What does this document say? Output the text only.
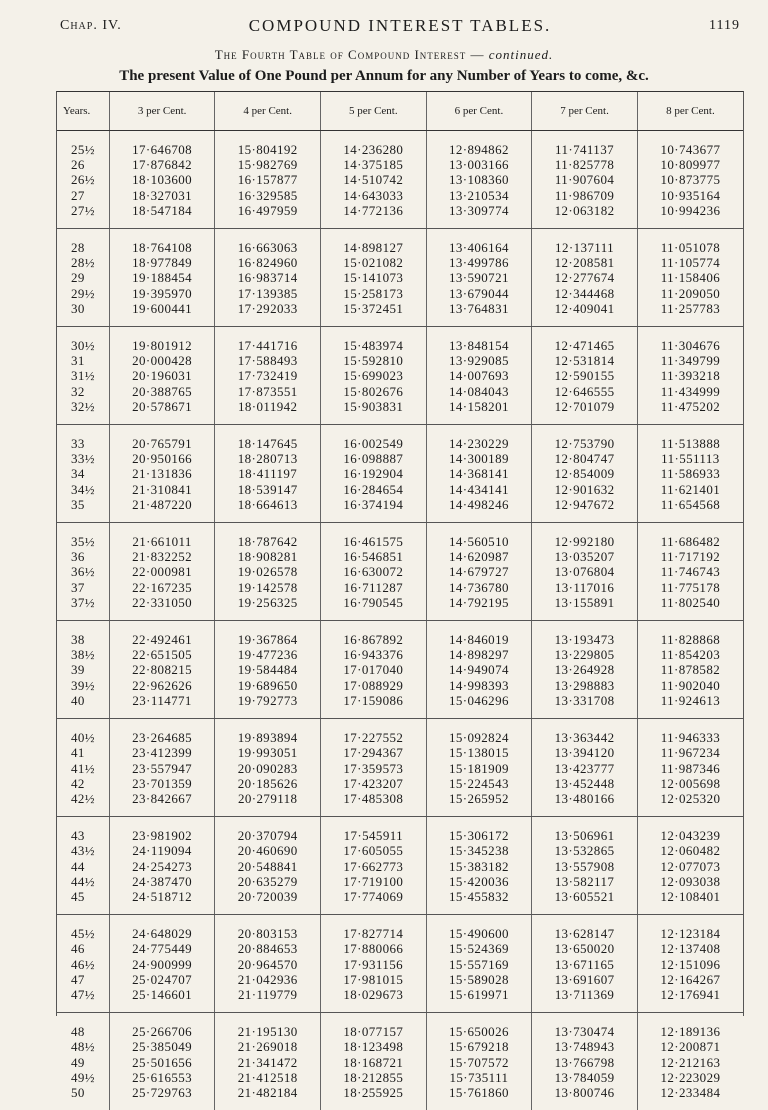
Chap. IV.	COMPOUND INTEREST TABLES.	1119
The Fourth Table of Compound Interest — continued.
The present Value of One Pound per Annum for any Number of Years to come, &c.
Years.	3 per Cent.	4 per Cent.	5 per Cent.	6 per Cent.	7 per Cent.	8 per Cent.
25½	17·646708	15·804192	14·236280	12·894862	11·741137	10·743677
26	17·876842	15·982769	14·375185	13·003166	11·825778	10·809977
26½	18·103600	16·157877	14·510742	13·108360	11·907604	10·873775
27	18·327031	16·329585	14·643033	13·210534	11·986709	10·935164
27½	18·547184	16·497959	14·772136	13·309774	12·063182	10·994236
28	18·764108	16·663063	14·898127	13·406164	12·137111	11·051078
28½	18·977849	16·824960	15·021082	13·499786	12·208581	11·105774
29	19·188454	16·983714	15·141073	13·590721	12·277674	11·158406
29½	19·395970	17·139385	15·258173	13·679044	12·344468	11·209050
30	19·600441	17·292033	15·372451	13·764831	12·409041	11·257783
30½	19·801912	17·441716	15·483974	13·848154	12·471465	11·304676
31	20·000428	17·588493	15·592810	13·929085	12·531814	11·349799
31½	20·196031	17·732419	15·699023	14·007693	12·590155	11·393218
32	20·388765	17·873551	15·802676	14·084043	12·646555	11·434999
32½	20·578671	18·011942	15·903831	14·158201	12·701079	11·475202
33	20·765791	18·147645	16·002549	14·230229	12·753790	11·513888
33½	20·950166	18·280713	16·098887	14·300189	12·804747	11·551113
34	21·131836	18·411197	16·192904	14·368141	12·854009	11·586933
34½	21·310841	18·539147	16·284654	14·434141	12·901632	11·621401
35	21·487220	18·664613	16·374194	14·498246	12·947672	11·654568
35½	21·661011	18·787642	16·461575	14·560510	12·992180	11·686482
36	21·832252	18·908281	16·546851	14·620987	13·035207	11·717192
36½	22·000981	19·026578	16·630072	14·679727	13·076804	11·746743
37	22·167235	19·142578	16·711287	14·736780	13·117016	11·775178
37½	22·331050	19·256325	16·790545	14·792195	13·155891	11·802540
38	22·492461	19·367864	16·867892	14·846019	13·193473	11·828868
38½	22·651505	19·477236	16·943376	14·898297	13·229805	11·854203
39	22·808215	19·584484	17·017040	14·949074	13·264928	11·878582
39½	22·962626	19·689650	17·088929	14·998393	13·298883	11·902040
40	23·114771	19·792773	17·159086	15·046296	13·331708	11·924613
40½	23·264685	19·893894	17·227552	15·092824	13·363442	11·946333
41	23·412399	19·993051	17·294367	15·138015	13·394120	11·967234
41½	23·557947	20·090283	17·359573	15·181909	13·423777	11·987346
42	23·701359	20·185626	17·423207	15·224543	13·452448	12·005698
42½	23·842667	20·279118	17·485308	15·265952	13·480166	12·025320
43	23·981902	20·370794	17·545911	15·306172	13·506961	12·043239
43½	24·119094	20·460690	17·605055	15·345238	13·532865	12·060482
44	24·254273	20·548841	17·662773	15·383182	13·557908	12·077073
44½	24·387470	20·635279	17·719100	15·420036	13·582117	12·093038
45	24·518712	20·720039	17·774069	15·455832	13·605521	12·108401
45½	24·648029	20·803153	17·827714	15·490600	13·628147	12·123184
46	24·775449	20·884653	17·880066	15·524369	13·650020	12·137408
46½	24·900999	20·964570	17·931156	15·557169	13·671165	12·151096
47	25·024707	21·042936	17·981015	15·589028	13·691607	12·164267
47½	25·146601	21·119779	18·029673	15·619971	13·711369	12·176941
48	25·266706	21·195130	18·077157	15·650026	13·730474	12·189136
48½	25·385049	21·269018	18·123498	15·679218	13·748943	12·200871
49	25·501656	21·341472	18·168721	15·707572	13·766798	12·212163
49½	25·616553	21·412518	18·212855	15·735111	13·784059	12·223029
50	25·729763	21·482184	18·255925	15·761860	13·800746	12·233484
